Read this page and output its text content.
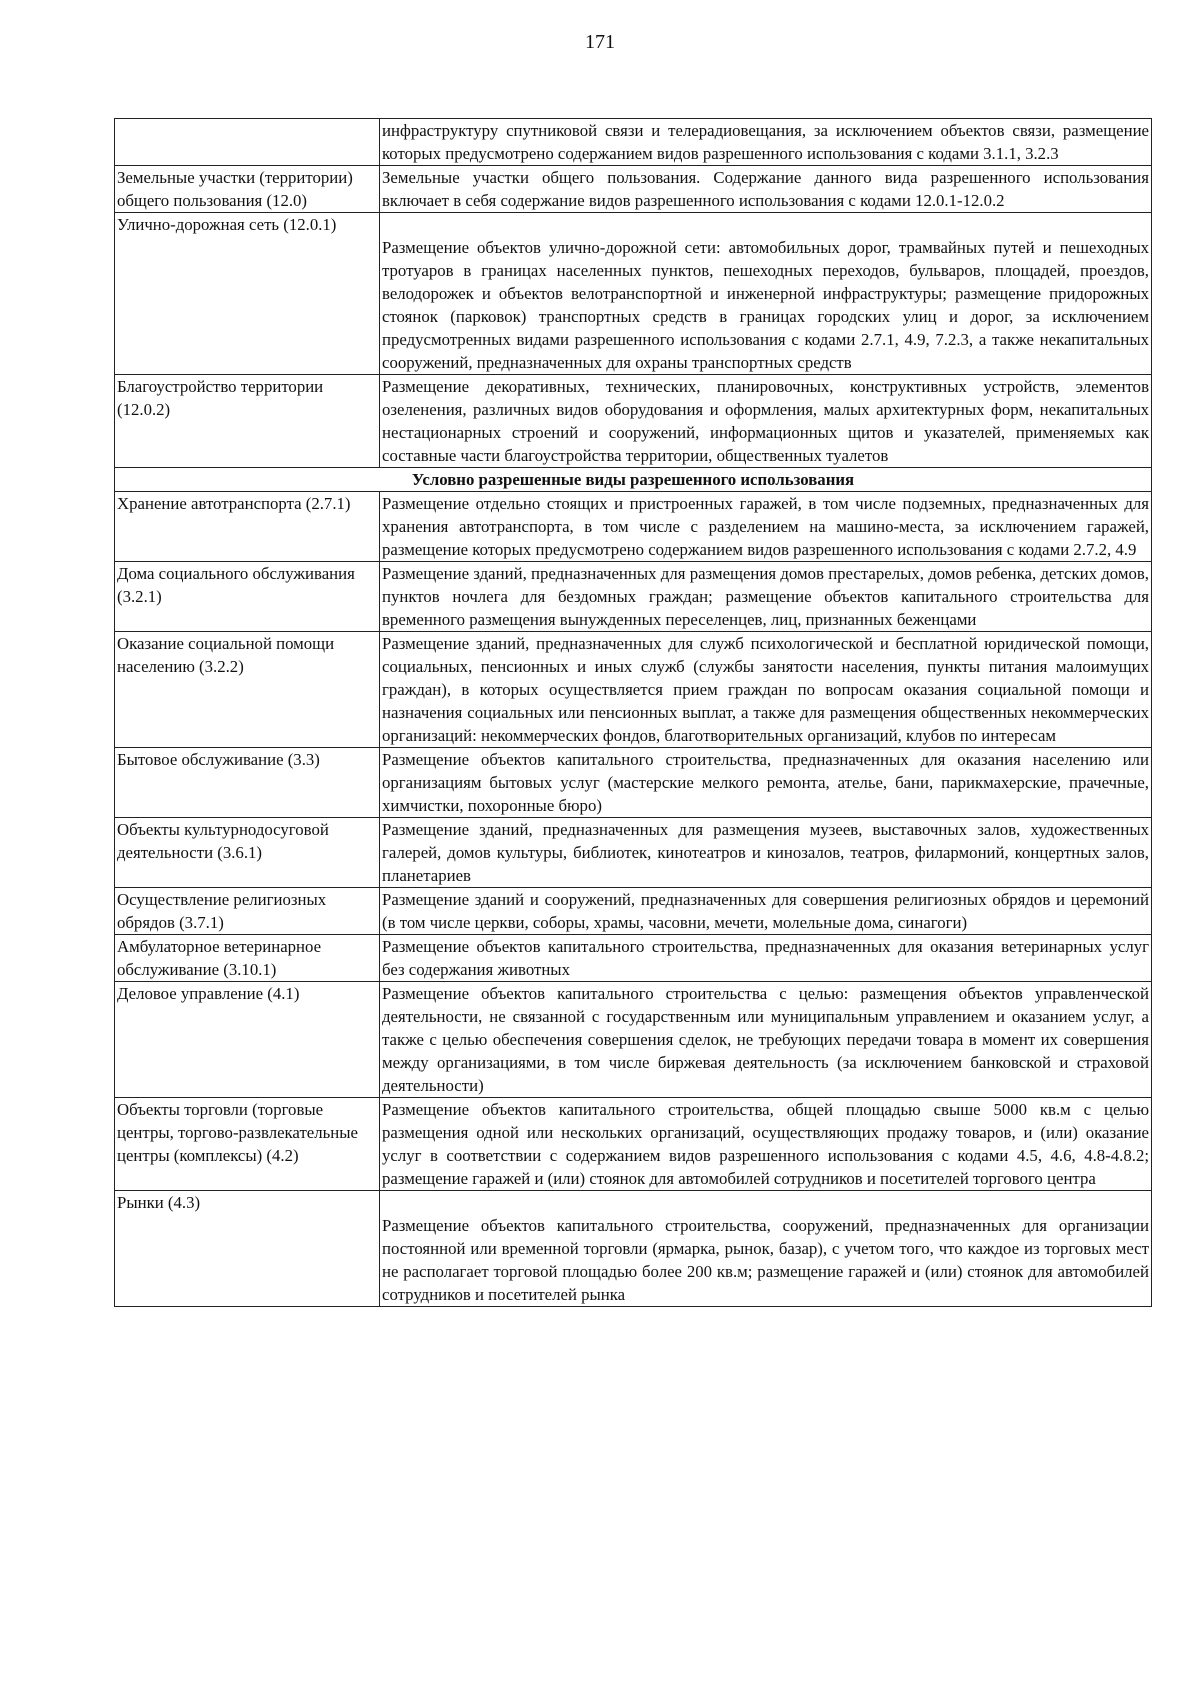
171
	инфраструктуру спутниковой связи и телерадиовещания, за исключением объектов связи, размещение которых предусмотрено содержанием видов разрешенного использования с кодами 3.1.1, 3.2.3
Земельные участки (территории) общего пользования (12.0)	Земельные участки общего пользования. Содержание данного вида разрешенного использования включает в себя содержание видов разрешенного использования с кодами 12.0.1-12.0.2
Улично-дорожная сеть (12.0.1)	Размещение объектов улично-дорожной сети: автомобильных дорог, трамвайных путей и пешеходных тротуаров в границах населенных пунктов, пешеходных переходов, бульваров, площадей, проездов, велодорожек и объектов велотранспортной и инженерной инфраструктуры; размещение придорожных стоянок (парковок) транспортных средств в границах городских улиц и дорог, за исключением предусмотренных видами разрешенного использования с кодами 2.7.1, 4.9, 7.2.3, а также некапитальных сооружений, предназначенных для охраны транспортных средств
Благоустройство территории (12.0.2)	Размещение декоративных, технических, планировочных, конструктивных устройств, элементов озеленения, различных видов оборудования и оформления, малых архитектурных форм, некапитальных нестационарных строений и сооружений, информационных щитов и указателей, применяемых как составные части благоустройства территории, общественных туалетов
Условно разрешенные виды разрешенного использования	
Хранение автотранспорта (2.7.1)	Размещение отдельно стоящих и пристроенных гаражей, в том числе подземных, предназначенных для хранения автотранспорта, в том числе с разделением на машино-места, за исключением гаражей, размещение которых предусмотрено содержанием видов разрешенного использования с кодами 2.7.2, 4.9
Дома социального обслуживания (3.2.1)	Размещение зданий, предназначенных для размещения домов престарелых, домов ребенка, детских домов, пунктов ночлега для бездомных граждан; размещение объектов капитального строительства для временного размещения вынужденных переселенцев, лиц, признанных беженцами
Оказание социальной помощи населению (3.2.2)	Размещение зданий, предназначенных для служб психологической и бесплатной юридической помощи, социальных, пенсионных и иных служб (службы занятости населения, пункты питания малоимущих граждан), в которых осуществляется прием граждан по вопросам оказания социальной помощи и назначения социальных или пенсионных выплат, а также для размещения общественных некоммерческих организаций: некоммерческих фондов, благотворительных организаций, клубов по интересам
Бытовое обслуживание (3.3)	Размещение объектов капитального строительства, предназначенных для оказания населению или организациям бытовых услуг (мастерские мелкого ремонта, ателье, бани, парикмахерские, прачечные, химчистки, похоронные бюро)
Объекты культурнодосуговой деятельности (3.6.1)	Размещение зданий, предназначенных для размещения музеев, выставочных залов, художественных галерей, домов культуры, библиотек, кинотеатров и кинозалов, театров, филармоний, концертных залов, планетариев
Осуществление религиозных обрядов (3.7.1)	Размещение зданий и сооружений, предназначенных для совершения религиозных обрядов и церемоний (в том числе церкви, соборы, храмы, часовни, мечети, молельные дома, синагоги)
Амбулаторное ветеринарное обслуживание (3.10.1)	Размещение объектов капитального строительства, предназначенных для оказания ветеринарных услуг без содержания животных
Деловое управление (4.1)	Размещение объектов капитального строительства с целью: размещения объектов управленческой деятельности, не связанной с государственным или муниципальным управлением и оказанием услуг, а также с целью обеспечения совершения сделок, не требующих передачи товара в момент их совершения между организациями, в том числе биржевая деятельность (за исключением банковской и страховой деятельности)
Объекты торговли (торговые центры, торгово-развлекательные центры (комплексы) (4.2)	Размещение объектов капитального строительства, общей площадью свыше 5000 кв.м с целью размещения одной или нескольких организаций, осуществляющих продажу товаров, и (или) оказание услуг в соответствии с содержанием видов разрешенного использования с кодами 4.5, 4.6, 4.8-4.8.2; размещение гаражей и (или) стоянок для автомобилей сотрудников и посетителей торгового центра
Рынки (4.3)	Размещение объектов капитального строительства, сооружений, предназначенных для организации постоянной или временной торговли (ярмарка, рынок, базар), с учетом того, что каждое из торговых мест не располагает торговой площадью более 200 кв.м; размещение гаражей и (или) стоянок для автомобилей сотрудников и посетителей рынка
